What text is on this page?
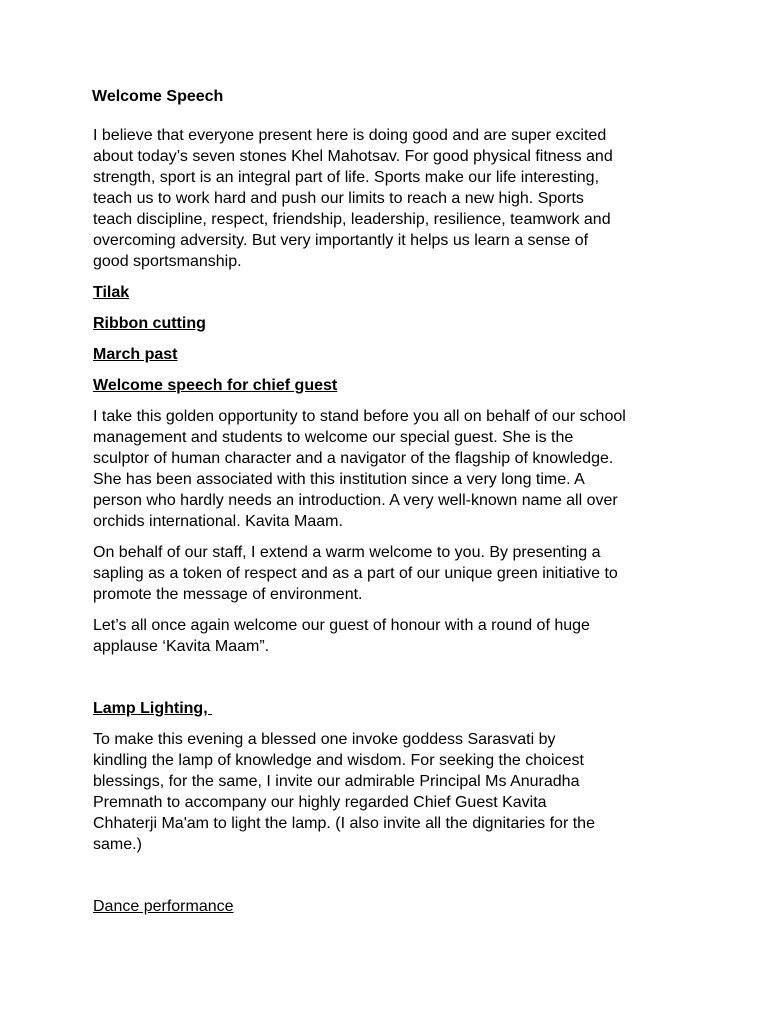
Welcome Speech

I believe that everyone present here is doing good and are super excited
about today’s seven stones Khel Mahotsav. For good physical fitness and
strength, sport is an integral part of life. Sports make our life interesting,
teach us to work hard and push our limits to reach a new high. Sports
teach discipline, respect, friendship, leadership, resilience, teamwork and
overcoming adversity. But very importantly it helps us learn a sense of
good sportsmanship.

Tilak

Ribbon cutting

March past

Welcome speech for chief guest

I take this golden opportunity to stand before you all on behalf of our school
management and students to welcome our special guest. She is the
sculptor of human character and a navigator of the flagship of knowledge.
She has been associated with this institution since a very long time. A
person who hardly needs an introduction. A very well-known name all over
orchids international. Kavita Maam.

On behalf of our staff, I extend a warm welcome to you. By presenting a
sapling as a token of respect and as a part of our unique green initiative to
promote the message of environment.

Let’s all once again welcome our guest of honour with a round of huge
applause ‘Kavita Maam”.

Lamp Lighting,

To make this evening a blessed one invoke goddess Sarasvati by
kindling the lamp of knowledge and wisdom. For seeking the choicest
blessings, for the same, I invite our admirable Principal Ms Anuradha
Premnath to accompany our highly regarded Chief Guest Kavita
Chhaterji Ma'am to light the lamp. (I also invite all the dignitaries for the
same.)

Dance performance
